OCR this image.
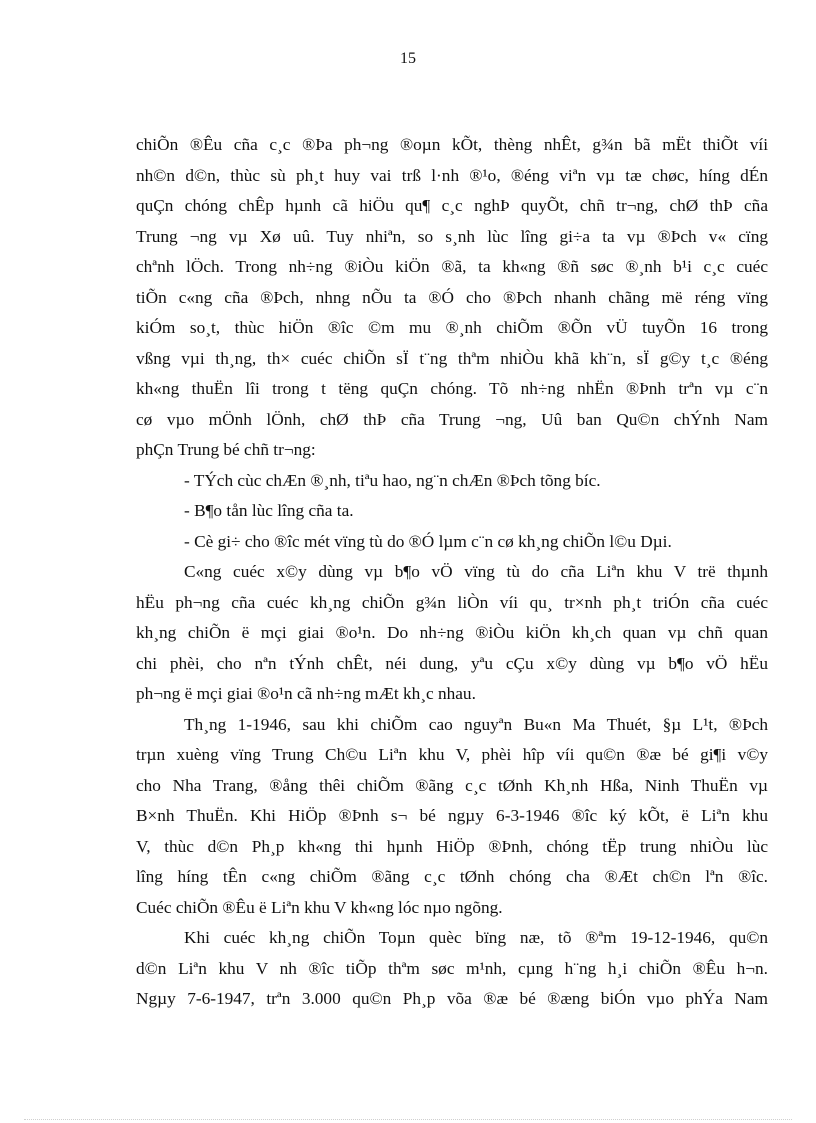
15
chiÕn ®Êu cña c¸c ®Þa ph¬ng ®oµn kÕt, thèng nhÊt, g¾n bã mËt thiÕt víi
nh©n d©n, thùc sù ph¸t huy vai trß l·nh ®¹o, ®éng viªn vµ tæ chøc, híng dÉn
quÇn chóng chÊp hµnh cã hiÖu qu¶ c¸c nghÞ quyÕt, chñ tr¬ng, chØ thÞ cña
Trung ¬ng vµ Xø uû. Tuy nhiªn, so s¸nh lùc lîng gi÷a ta vµ ®Þch v« cïng
chªnh lÖch. Trong nh÷ng ®iÒu kiÖn ®ã, ta kh«ng ®ñ søc ®¸nh b¹i c¸c cuéc
tiÕn c«ng cña ®Þch, nhng nÕu ta ®Ó cho ®Þch nhanh chãng më réng vïng
kiÓm so¸t, thùc hiÖn ®îc ©m mu ®¸nh chiÕm ®Õn vÜ tuyÕn 16 trong
vßng vµi th¸ng, th× cuéc chiÕn sÏ t¨ng thªm nhiÒu khã kh¨n, sÏ g©y t¸c ®éng
kh«ng thuËn lîi trong t tëng quÇn chóng. Tõ nh÷ng nhËn ®Þnh trªn vµ c¨n
cø vµo mÖnh lÖnh, chØ thÞ cña Trung ¬ng, Uû ban Qu©n chÝnh Nam
phÇn Trung bé chñ tr¬ng:
- TÝch cùc chÆn ®¸nh, tiªu hao, ng¨n chÆn ®Þch tõng bíc.
- B¶o tån lùc lîng cña ta.
- Cè gi÷ cho ®îc mét vïng tù do ®Ó lµm c¨n cø kh¸ng chiÕn l©u Dµi.
C«ng cuéc x©y dùng vµ b¶o vÖ vïng tù do cña Liªn khu V trë thµnh
hËu ph¬ng cña cuéc kh¸ng chiÕn g¾n liÒn víi qu¸ tr×nh ph¸t triÓn cña cuéc
kh¸ng chiÕn ë mçi giai ®o¹n. Do nh÷ng ®iÒu kiÖn kh¸ch quan vµ chñ quan
chi phèi, cho nªn tÝnh chÊt, néi dung, yªu cÇu x©y dùng vµ b¶o vÖ hËu
ph¬ng ë mçi giai ®o¹n cã nh÷ng mÆt kh¸c nhau.
Th¸ng 1-1946, sau khi chiÕm cao nguyªn Bu«n Ma Thuét, §µ L¹t, ®Þch
trµn xuèng vïng Trung Ch©u Liªn khu V, phèi hîp víi qu©n ®æ bé gi¶i v©y
cho Nha Trang, ®ång thêi chiÕm ®ãng c¸c tØnh Kh¸nh Hßa, Ninh ThuËn vµ
B×nh ThuËn. Khi HiÖp ®Þnh s¬ bé ngµy 6-3-1946 ®îc ký kÕt, ë Liªn khu
V, thùc d©n Ph¸p kh«ng thi hµnh HiÖp ®Þnh, chóng tËp trung nhiÒu lùc
lîng híng tÊn c«ng chiÕm ®ãng c¸c tØnh chóng cha ®Æt ch©n lªn ®îc.
Cuéc chiÕn ®Êu ë Liªn khu V kh«ng lóc nµo ngõng.
Khi cuéc kh¸ng chiÕn Toµn quèc bïng næ, tõ ®ªm 19-12-1946, qu©n
d©n Liªn khu V nh ®îc tiÕp thªm søc m¹nh, cµng h¨ng h¸i chiÕn ®Êu h¬n.
Ngµy 7-6-1947, trªn 3.000 qu©n Ph¸p võa ®æ bé ®æng biÓn vµo phÝa Nam
